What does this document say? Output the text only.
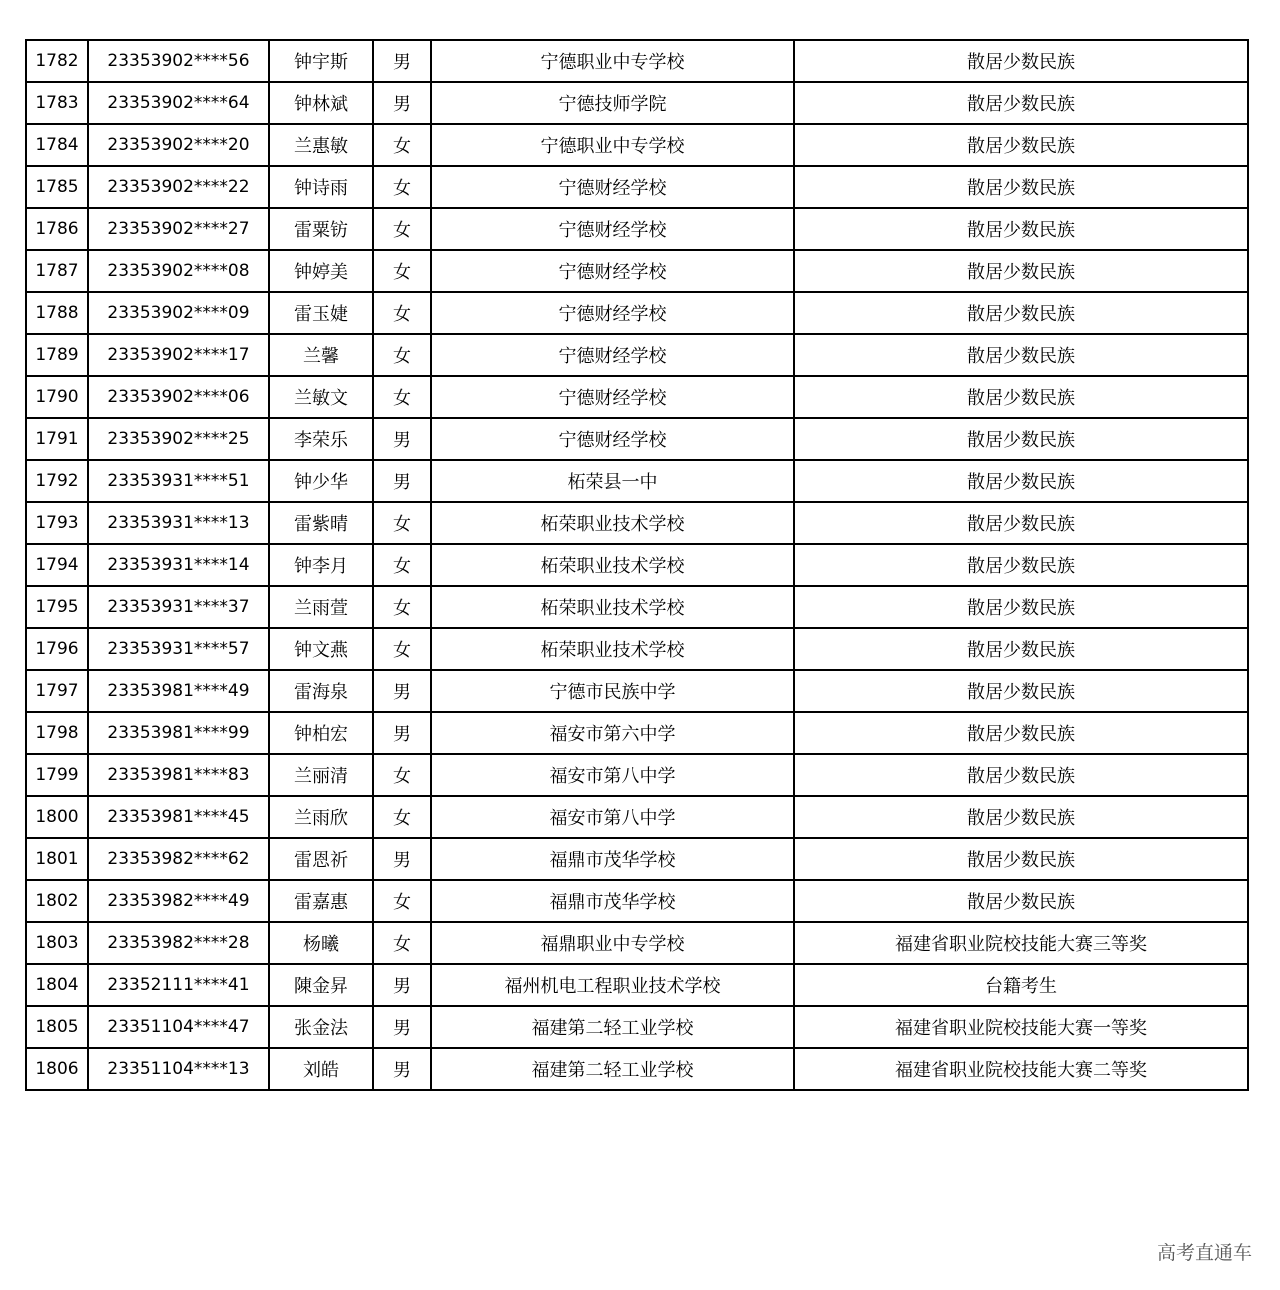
1782	23353902****56	钟宇斯	男	宁德职业中专学校	散居少数民族
1783	23353902****64	钟林斌	男	宁德技师学院	散居少数民族
1784	23353902****20	兰惠敏	女	宁德职业中专学校	散居少数民族
1785	23353902****22	钟诗雨	女	宁德财经学校	散居少数民族
1786	23353902****27	雷粟钫	女	宁德财经学校	散居少数民族
1787	23353902****08	钟婷美	女	宁德财经学校	散居少数民族
1788	23353902****09	雷玉婕	女	宁德财经学校	散居少数民族
1789	23353902****17	兰馨	女	宁德财经学校	散居少数民族
1790	23353902****06	兰敏文	女	宁德财经学校	散居少数民族
1791	23353902****25	李荣乐	男	宁德财经学校	散居少数民族
1792	23353931****51	钟少华	男	柘荣县一中	散居少数民族
1793	23353931****13	雷紫晴	女	柘荣职业技术学校	散居少数民族
1794	23353931****14	钟李月	女	柘荣职业技术学校	散居少数民族
1795	23353931****37	兰雨萱	女	柘荣职业技术学校	散居少数民族
1796	23353931****57	钟文燕	女	柘荣职业技术学校	散居少数民族
1797	23353981****49	雷海泉	男	宁德市民族中学	散居少数民族
1798	23353981****99	钟柏宏	男	福安市第六中学	散居少数民族
1799	23353981****83	兰丽清	女	福安市第八中学	散居少数民族
1800	23353981****45	兰雨欣	女	福安市第八中学	散居少数民族
1801	23353982****62	雷恩祈	男	福鼎市茂华学校	散居少数民族
1802	23353982****49	雷嘉惠	女	福鼎市茂华学校	散居少数民族
1803	23353982****28	杨曦	女	福鼎职业中专学校	福建省职业院校技能大赛三等奖
1804	23352111****41	陳金昇	男	福州机电工程职业技术学校	台籍考生
1805	23351104****47	张金法	男	福建第二轻工业学校	福建省职业院校技能大赛一等奖
1806	23351104****13	刘皓	男	福建第二轻工业学校	福建省职业院校技能大赛二等奖
高考直通车
